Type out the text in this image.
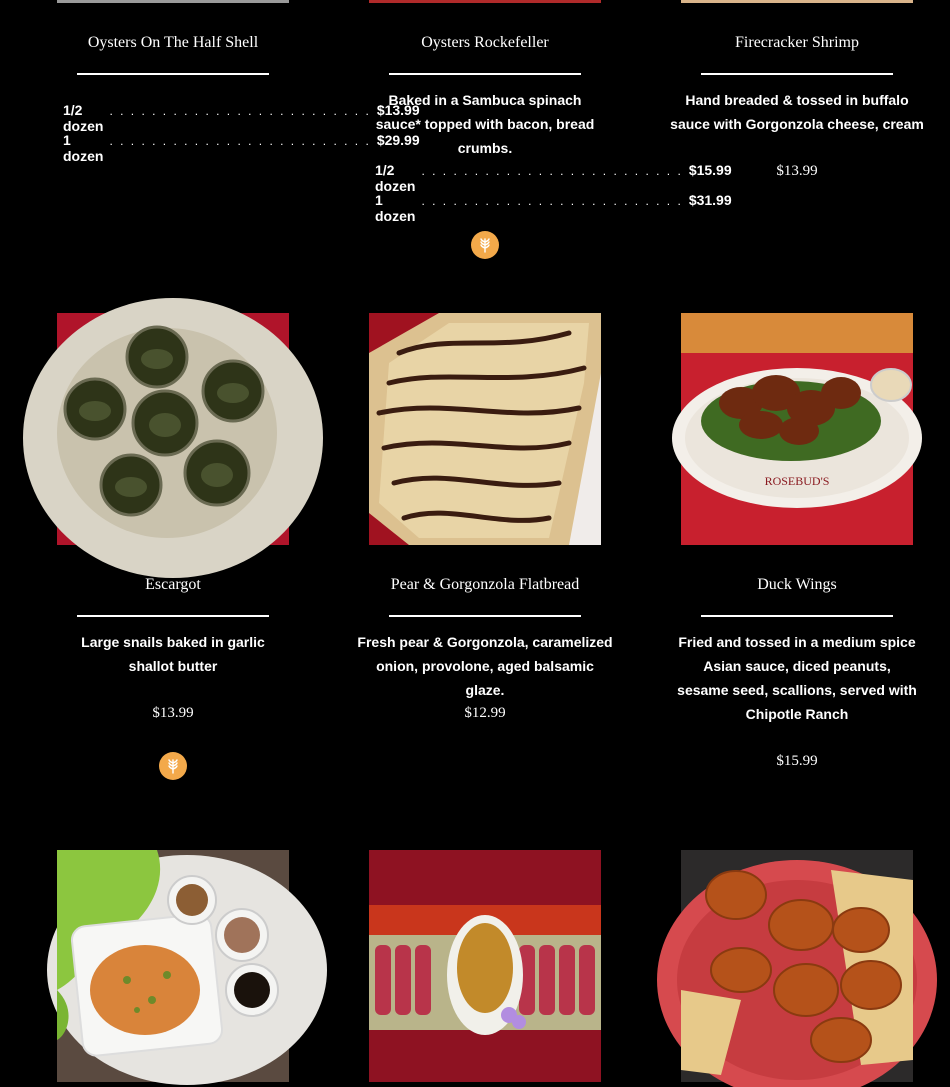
Oysters On The Half Shell
1/2 dozen
. . . . . . . . . . . . . . . . . . . . . . . . . $13.99
1 dozen
. . . . . . . . . . . . . . . . . . . . . . . . . $29.99
Oysters Rockefeller
Baked in a Sambuca spinach sauce* topped with bacon, bread crumbs.
1/2 dozen
. . . . . . . . . . . . . . . . . . . . . . . . . $15.99
1 dozen
. . . . . . . . . . . . . . . . . . . . . . . . . $31.99
Firecracker Shrimp
Hand breaded & tossed in buffalo sauce with Gorgonzola cheese, cream
$13.99
ROSEBUD'S
Escargot
Large snails baked in garlic shallot butter
$13.99
Pear & Gorgonzola Flatbread
Fresh pear & Gorgonzola, caramelized onion, provolone, aged balsamic glaze.
$12.99
Duck Wings
Fried and tossed in a medium spice Asian sauce, diced peanuts, sesame seed, scallions, served with Chipotle Ranch
$15.99
